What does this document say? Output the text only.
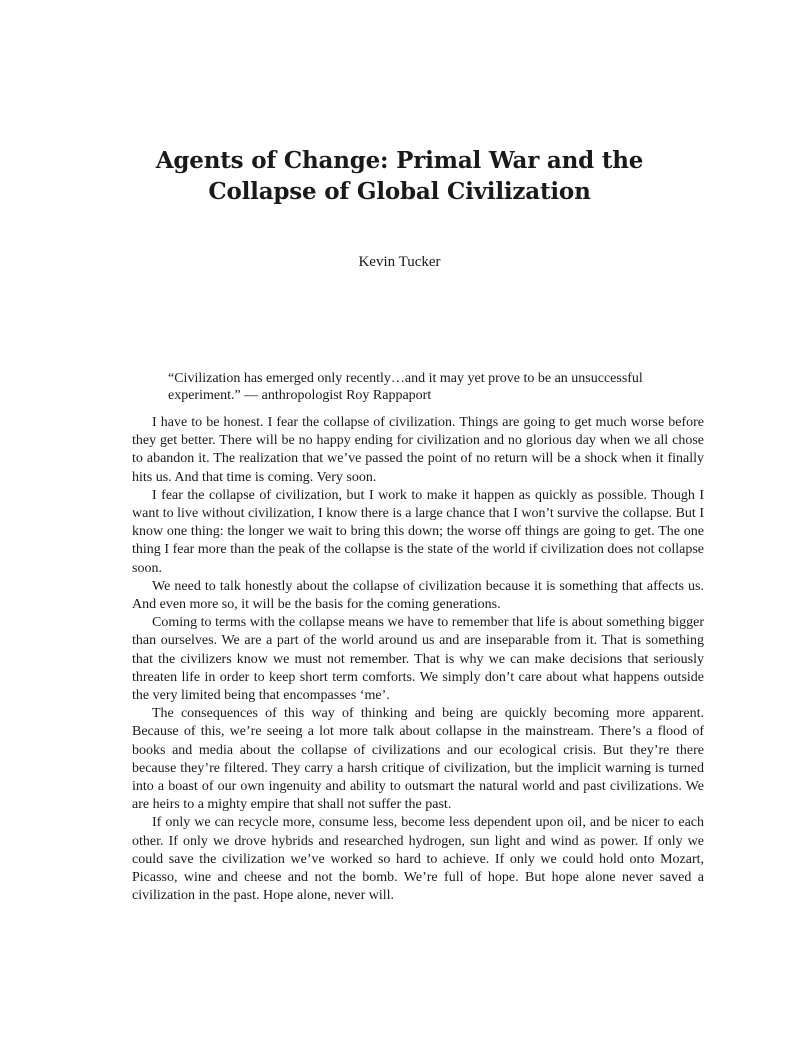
Agents of Change: Primal War and the Collapse of Global Civilization

Kevin Tucker

“Civilization has emerged only recently…and it may yet prove to be an unsuccessful experiment.” — anthropologist Roy Rappaport

I have to be honest. I fear the collapse of civilization. Things are going to get much worse before they get better. There will be no happy ending for civilization and no glorious day when we all chose to abandon it. The realization that we’ve passed the point of no return will be a shock when it finally hits us. And that time is coming. Very soon.

I fear the collapse of civilization, but I work to make it happen as quickly as possible. Though I want to live without civilization, I know there is a large chance that I won’t survive the collapse. But I know one thing: the longer we wait to bring this down; the worse off things are going to get. The one thing I fear more than the peak of the collapse is the state of the world if civilization does not collapse soon.

We need to talk honestly about the collapse of civilization because it is something that affects us. And even more so, it will be the basis for the coming generations.

Coming to terms with the collapse means we have to remember that life is about something bigger than ourselves. We are a part of the world around us and are inseparable from it. That is something that the civilizers know we must not remember. That is why we can make decisions that seriously threaten life in order to keep short term comforts. We simply don’t care about what happens outside the very limited being that encompasses ‘me’.

The consequences of this way of thinking and being are quickly becoming more apparent. Because of this, we’re seeing a lot more talk about collapse in the mainstream. There’s a flood of books and media about the collapse of civilizations and our ecological crisis. But they’re there because they’re filtered. They carry a harsh critique of civilization, but the implicit warning is turned into a boast of our own ingenuity and ability to outsmart the natural world and past civilizations. We are heirs to a mighty empire that shall not suffer the past.

If only we can recycle more, consume less, become less dependent upon oil, and be nicer to each other. If only we drove hybrids and researched hydrogen, sun light and wind as power. If only we could save the civilization we’ve worked so hard to achieve. If only we could hold onto Mozart, Picasso, wine and cheese and not the bomb. We’re full of hope. But hope alone never saved a civilization in the past. Hope alone, never will.
